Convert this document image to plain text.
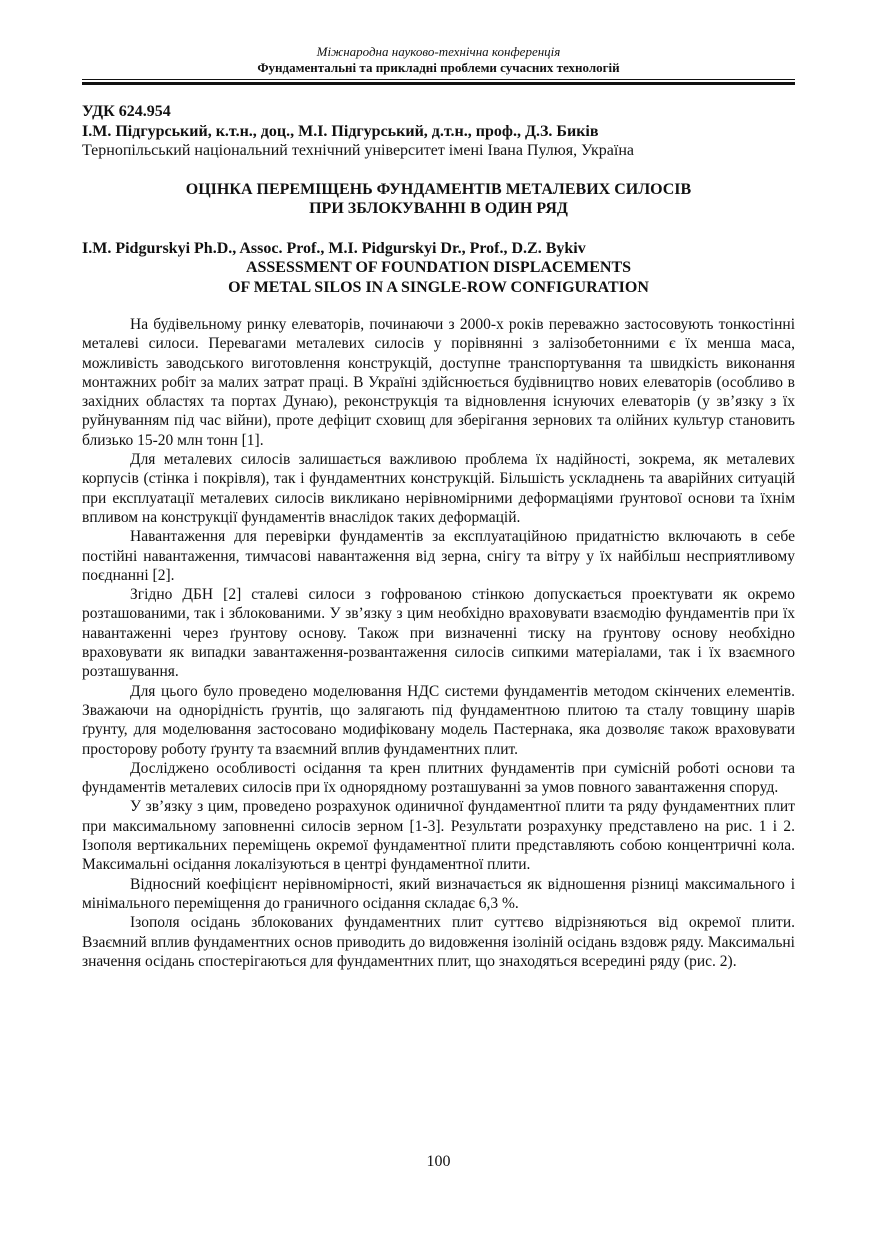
Міжнародна науково-технічна конференція
Фундаментальні та прикладні проблеми сучасних технологій
УДК 624.954
І.М. Підгурський, к.т.н., доц., М.І. Підгурський, д.т.н., проф., Д.З. Биків
Тернопільський національний технічний університет імені Івана Пулюя, Україна
ОЦІНКА ПЕРЕМІЩЕНЬ ФУНДАМЕНТІВ МЕТАЛЕВИХ СИЛОСІВ
ПРИ ЗБЛОКУВАННІ В ОДИН РЯД
I.M. Pidgurskyi Ph.D., Assoc. Prof., M.I. Pidgurskyi Dr., Prof., D.Z. Bykiv
ASSESSMENT OF FOUNDATION DISPLACEMENTS
OF METAL SILOS IN A SINGLE-ROW CONFIGURATION

На будівельному ринку елеваторів, починаючи з 2000-х років переважно застосовують тонкостінні металеві силоси. Перевагами металевих силосів у порівнянні з залізобетонними є їх менша маса, можливість заводського виготовлення конструкцій, доступне транспортування та швидкість виконання монтажних робіт за малих затрат праці. В Україні здійснюється будівництво нових елеваторів (особливо в західних областях та портах Дунаю), реконструкція та відновлення існуючих елеваторів (у зв’язку з їх руйнуванням під час війни), проте дефіцит сховищ для зберігання зернових та олійних культур становить близько 15-20 млн тонн [1].

Для металевих силосів залишається важливою проблема їх надійності, зокрема, як металевих корпусів (стінка і покрівля), так і фундаментних конструкцій. Більшість ускладнень та аварійних ситуацій при експлуатації металевих силосів викликано нерівномірними деформаціями ґрунтової основи та їхнім впливом на конструкції фундаментів внаслідок таких деформацій.

Навантаження для перевірки фундаментів за експлуатаційною придатністю включають в себе постійні навантаження, тимчасові навантаження від зерна, снігу та вітру у їх найбільш несприятливому поєднанні [2].

Згідно ДБН [2] сталеві силоси з гофрованою стінкою допускається проектувати як окремо розташованими, так і зблокованими. У зв’язку з цим необхідно враховувати взаємодію фундаментів при їх навантаженні через ґрунтову основу. Також при визначенні тиску на ґрунтову основу необхідно враховувати як випадки завантаження-розвантаження силосів сипкими матеріалами, так і їх взаємного розташування.

Для цього було проведено моделювання НДС системи фундаментів методом скінчених елементів. Зважаючи на однорідність ґрунтів, що залягають під фундаментною плитою та сталу товщину шарів ґрунту, для моделювання застосовано модифіковану модель Пастернака, яка дозволяє також враховувати просторову роботу ґрунту та взаємний вплив фундаментних плит.

Досліджено особливості осідання та крен плитних фундаментів при сумісній роботі основи та фундаментів металевих силосів при їх однорядному розташуванні за умов повного завантаження споруд.

У зв’язку з цим, проведено розрахунок одиничної фундаментної плити та ряду фундаментних плит при максимальному заповненні силосів зерном [1-3]. Результати розрахунку представлено на рис. 1 і 2. Ізополя вертикальних переміщень окремої фундаментної плити представляють собою концентричні кола. Максимальні осідання локалізуються в центрі фундаментної плити.

Відносний коефіцієнт нерівномірності, який визначається як відношення різниці максимального і мінімального переміщення до граничного осідання складає 6,3 %.

Ізополя осідань зблокованих фундаментних плит суттєво відрізняються від окремої плити. Взаємний вплив фундаментних основ приводить до видовження ізоліній осідань вздовж ряду. Максимальні значення осідань спостерігаються для фундаментних плит, що знаходяться всередині ряду (рис. 2).

100
